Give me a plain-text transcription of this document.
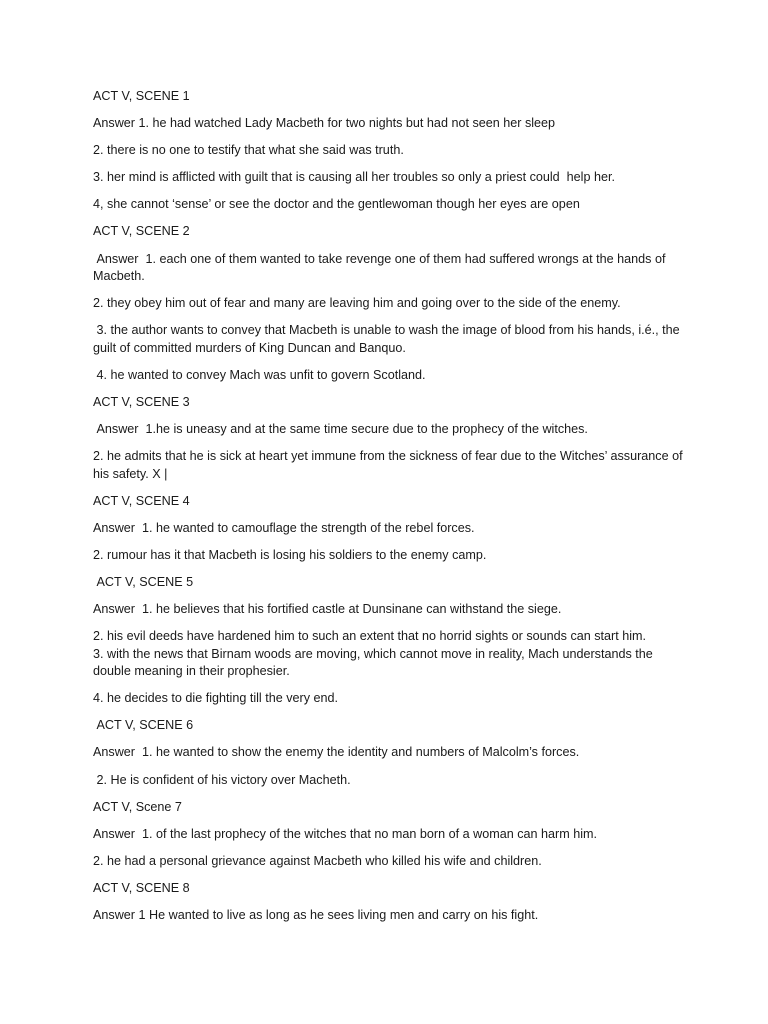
ACT V, SCENE 1

Answer 1. he had watched Lady Macbeth for two nights but had not seen her sleep

2. there is no one to testify that what she said was truth.

3. her mind is afflicted with guilt that is causing all her troubles so only a priest could  help her.

4, she cannot ‘sense’ or see the doctor and the gentlewoman though her eyes are open

ACT V, SCENE 2

Answer  1. each one of them wanted to take revenge one of them had suffered wrongs at the hands of Macbeth.

2. they obey him out of fear and many are leaving him and going over to the side of the enemy.

3. the author wants to convey that Macbeth is unable to wash the image of blood from his hands, i.é., the guilt of committed murders of King Duncan and Banquo.

4. he wanted to convey Mach was unfit to govern Scotland.

ACT V, SCENE 3

Answer  1.he is uneasy and at the same time secure due to the prophecy of the witches.

2. he admits that he is sick at heart yet immune from the sickness of fear due to the Witches’ assurance of his safety. X |

ACT V, SCENE 4

Answer  1. he wanted to camouflage the strength of the rebel forces.

2. rumour has it that Macbeth is losing his soldiers to the enemy camp.

ACT V, SCENE 5

Answer  1. he believes that his fortified castle at Dunsinane can withstand the siege.

2. his evil deeds have hardened him to such an extent that no horrid sights or sounds can start him.

3. with the news that Birnam woods are moving, which cannot move in reality, Mach understands the double meaning in their prophesier.

4. he decides to die fighting till the very end.

ACT V, SCENE 6

Answer  1. he wanted to show the enemy the identity and numbers of Malcolm’s forces.

2. He is confident of his victory over Macheth.

ACT V, Scene 7

Answer  1. of the last prophecy of the witches that no man born of a woman can harm him.

2. he had a personal grievance against Macbeth who killed his wife and children.

ACT V, SCENE 8

Answer 1 He wanted to live as long as he sees living men and carry on his fight.
